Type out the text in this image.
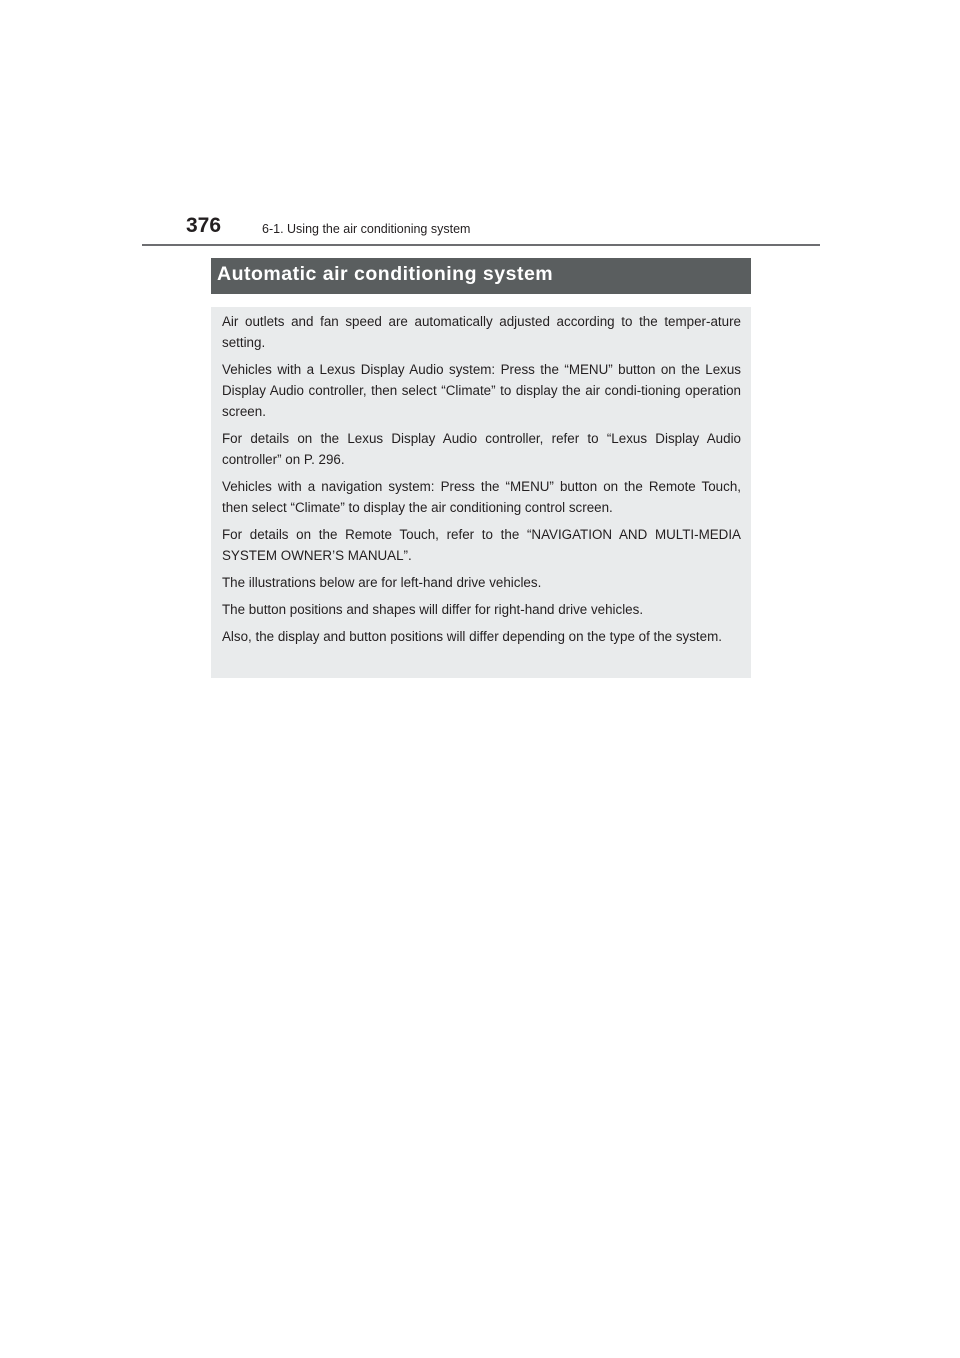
376	6-1. Using the air conditioning system
Automatic air conditioning system

Air outlets and fan speed are automatically adjusted according to the temper-ature setting.

Vehicles with a Lexus Display Audio system: Press the “MENU” button on the Lexus Display Audio controller, then select “Climate” to display the air condi-tioning operation screen.

For details on the Lexus Display Audio controller, refer to “Lexus Display Audio controller” on P. 296.

Vehicles with a navigation system: Press the “MENU” button on the Remote Touch, then select “Climate” to display the air conditioning control screen.

For details on the Remote Touch, refer to the “NAVIGATION AND MULTI-MEDIA SYSTEM OWNER’S MANUAL”.

The illustrations below are for left-hand drive vehicles.

The button positions and shapes will differ for right-hand drive vehicles.

Also, the display and button positions will differ depending on the type of the system.
